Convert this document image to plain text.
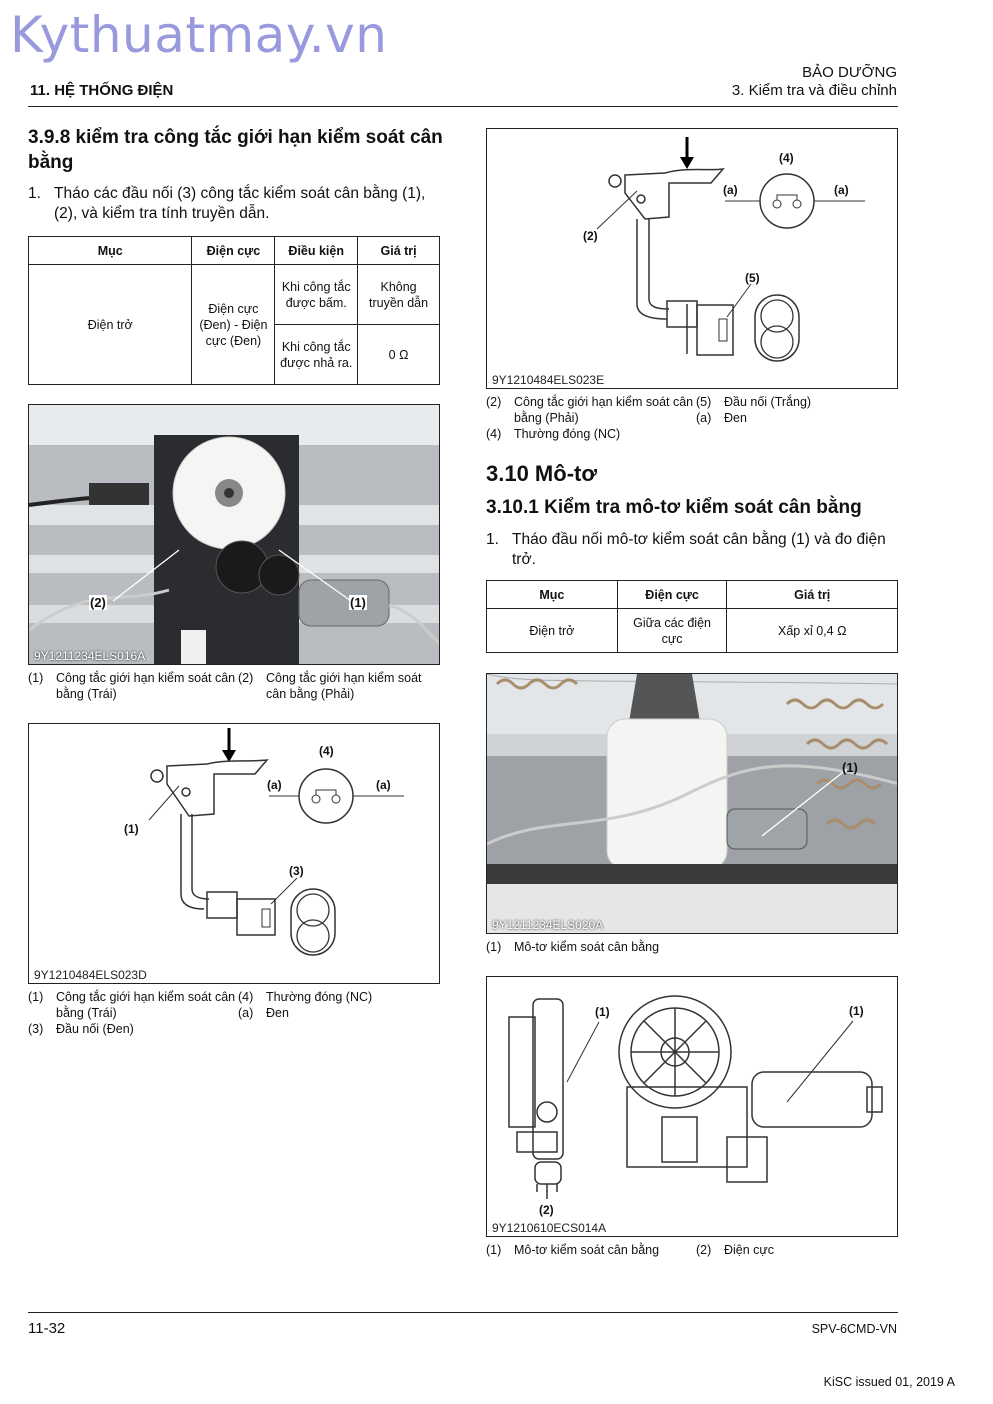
Kythuatmay.vn
11. HỆ THỐNG ĐIỆN
BẢO DƯỠNG
3. Kiểm tra và điều chỉnh
3.9.8 kiểm tra công tắc giới hạn kiểm soát cân bằng
1. Tháo các đầu nối (3) công tắc kiểm soát cân bằng (1), (2), và kiểm tra tính truyền dẫn.
Mục	Điện cực	Điều kiện	Giá trị
Điện trở	Điện cực (Đen) - Điện cực (Đen)	Khi công tắc được bấm.	Không truyền dẫn
		Khi công tắc được nhả ra.	0 Ω
(2)	(1)
9Y1211234ELS016A
(1)	Công tắc giới hạn kiểm soát cân bằng (Trái)
(2)	Công tắc giới hạn kiểm soát cân bằng (Phải)
(1)
(3)
(4)
(a)	(a)
9Y1210484ELS023D
(1)	Công tắc giới hạn kiểm soát cân bằng (Trái)
(4)	Thường đóng (NC)
(a)	Đen
(3)	Đầu nối (Đen)
(2)
(5)
(4)
(a)	(a)
9Y1210484ELS023E
(2)	Công tắc giới hạn kiểm soát cân bằng (Phải)
(5)	Đầu nối (Trắng)
(a)	Đen
(4)	Thường đóng (NC)
3.10 Mô-tơ
3.10.1 Kiểm tra mô-tơ kiểm soát cân bằng
1. Tháo đầu nối mô-tơ kiểm soát cân bằng (1) và đo điện trở.
Mục	Điện cực	Giá trị
Điện trở	Giữa các điện cực	Xấp xỉ 0,4 Ω
(1)
9Y1211234ELS020A
(1)	Mô-tơ kiểm soát cân bằng
(1)	(1)
(2)
9Y1210610ECS014A
(1)	Mô-tơ kiểm soát cân bằng	(2)	Điện cực
11-32	SPV-6CMD-VN
KiSC issued 01, 2019 A
